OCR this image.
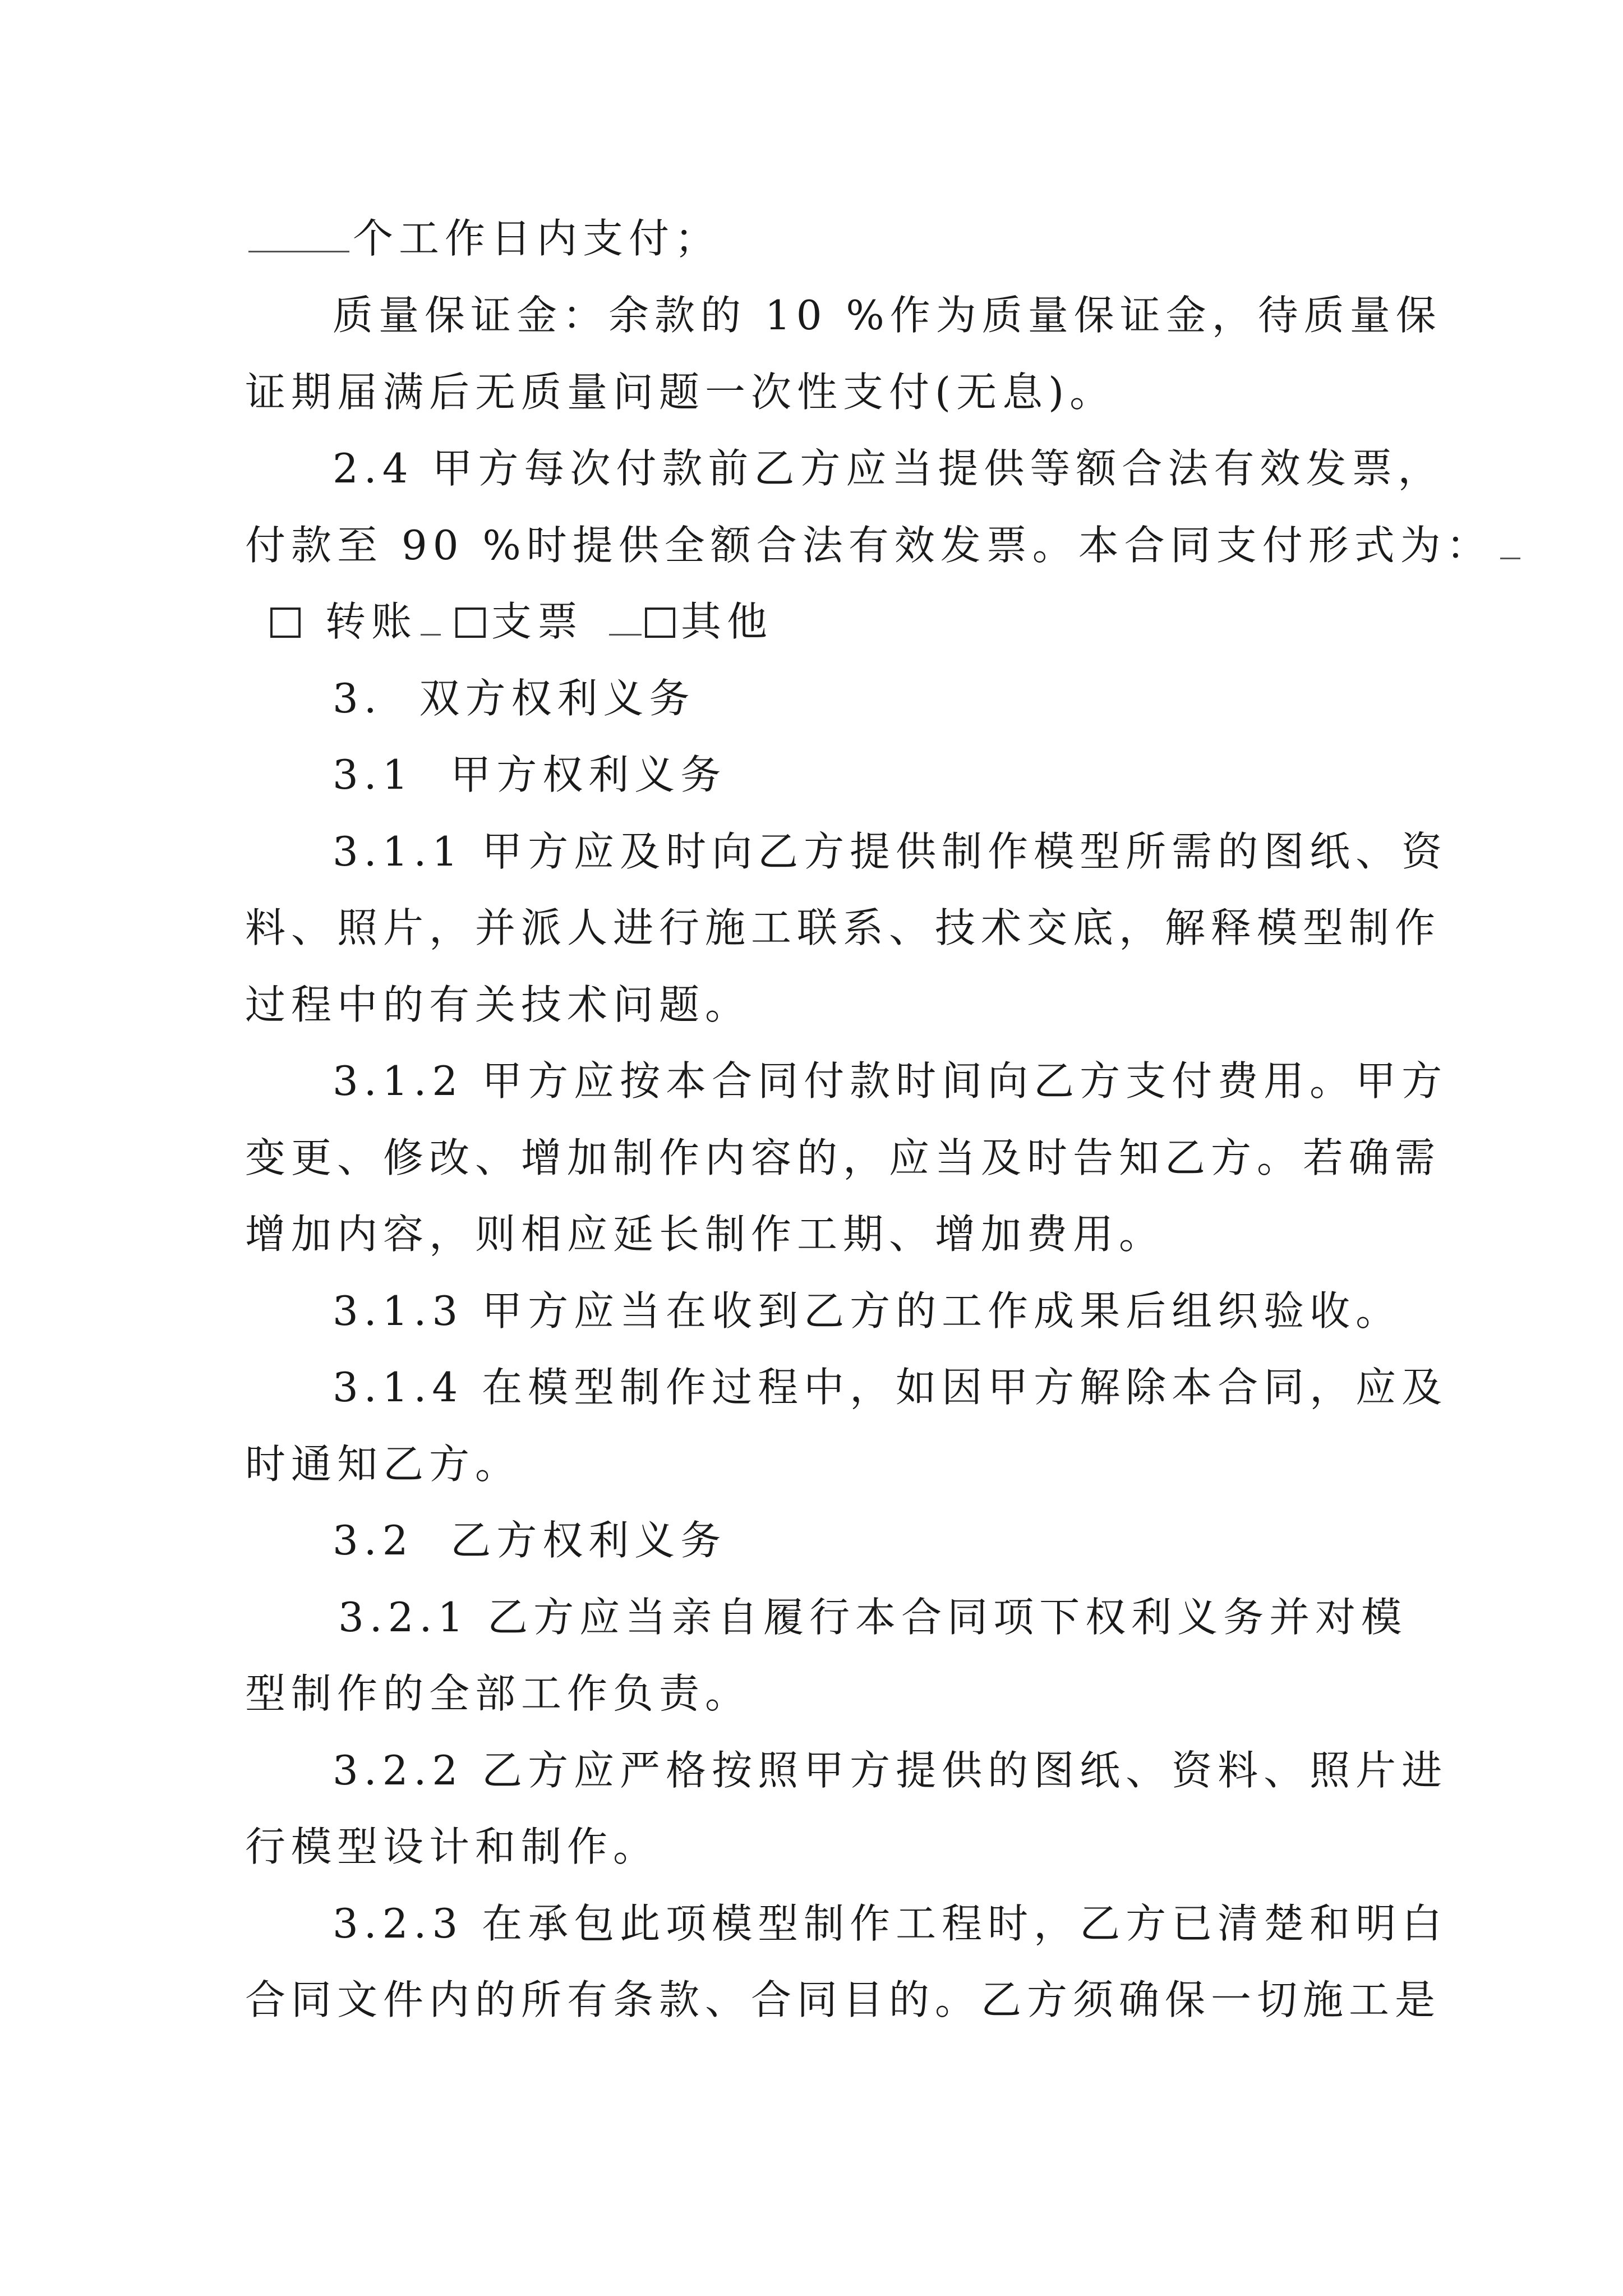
个工作日内支付；

质量保证金：余款的 10 %作为质量保证金，待质量保

证期届满后无质量问题一次性支付(无息)。

2.4 甲方每次付款前乙方应当提供等额合法有效发票，

付款至 90 %时提供全额合法有效发票。本合同支付形式为：

转账 支票 其他

3.  双方权利义务

3.1  甲方权利义务

3.1.1 甲方应及时向乙方提供制作模型所需的图纸、资

料、照片，并派人进行施工联系、技术交底，解释模型制作

过程中的有关技术问题。

3.1.2 甲方应按本合同付款时间向乙方支付费用。甲方

变更、修改、增加制作内容的，应当及时告知乙方。若确需

增加内容，则相应延长制作工期、增加费用。

3.1.3 甲方应当在收到乙方的工作成果后组织验收。

3.1.4 在模型制作过程中，如因甲方解除本合同，应及

时通知乙方。

3.2  乙方权利义务

3.2.1 乙方应当亲自履行本合同项下权利义务并对模

型制作的全部工作负责。

3.2.2 乙方应严格按照甲方提供的图纸、资料、照片进

行模型设计和制作。

3.2.3 在承包此项模型制作工程时，乙方已清楚和明白

合同文件内的所有条款、合同目的。乙方须确保一切施工是
